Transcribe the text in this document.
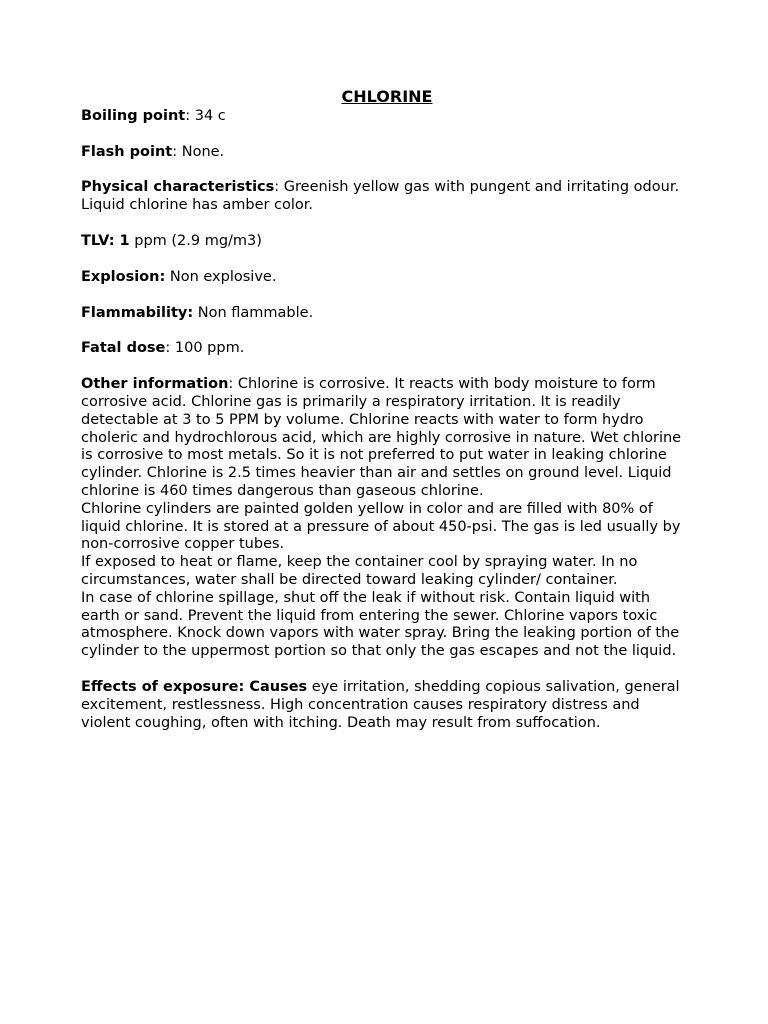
CHLORINE

Boiling point: 34 c

Flash point: None.

Physical characteristics: Greenish yellow gas with pungent and irritating odour. Liquid chlorine has amber color.

TLV: 1 ppm (2.9 mg/m3)

Explosion: Non explosive.

Flammability: Non flammable.

Fatal dose: 100 ppm.

Other information: Chlorine is corrosive. It reacts with body moisture to form corrosive acid. Chlorine gas is primarily a respiratory irritation. It is readily detectable at 3 to 5 PPM by volume. Chlorine reacts with water to form hydro choleric and hydrochlorous acid, which are highly corrosive in nature. Wet chlorine is corrosive to most metals. So it is not preferred to put water in leaking chlorine cylinder. Chlorine is 2.5 times heavier than air and settles on ground level. Liquid chlorine is 460 times dangerous than gaseous chlorine.

Chlorine cylinders are painted golden yellow in color and are filled with 80% of liquid chlorine. It is stored at a pressure of about 450-psi. The gas is led usually by non-corrosive copper tubes.

If exposed to heat or flame, keep the container cool by spraying water. In no circumstances, water shall be directed toward leaking cylinder/ container.

In case of chlorine spillage, shut off the leak if without risk. Contain liquid with earth or sand. Prevent the liquid from entering the sewer. Chlorine vapors toxic atmosphere. Knock down vapors with water spray. Bring the leaking portion of the cylinder to the uppermost portion so that only the gas escapes and not the liquid.

Effects of exposure: Causes eye irritation, shedding copious salivation, general excitement, restlessness. High concentration causes respiratory distress and violent coughing, often with itching. Death may result from suffocation.
